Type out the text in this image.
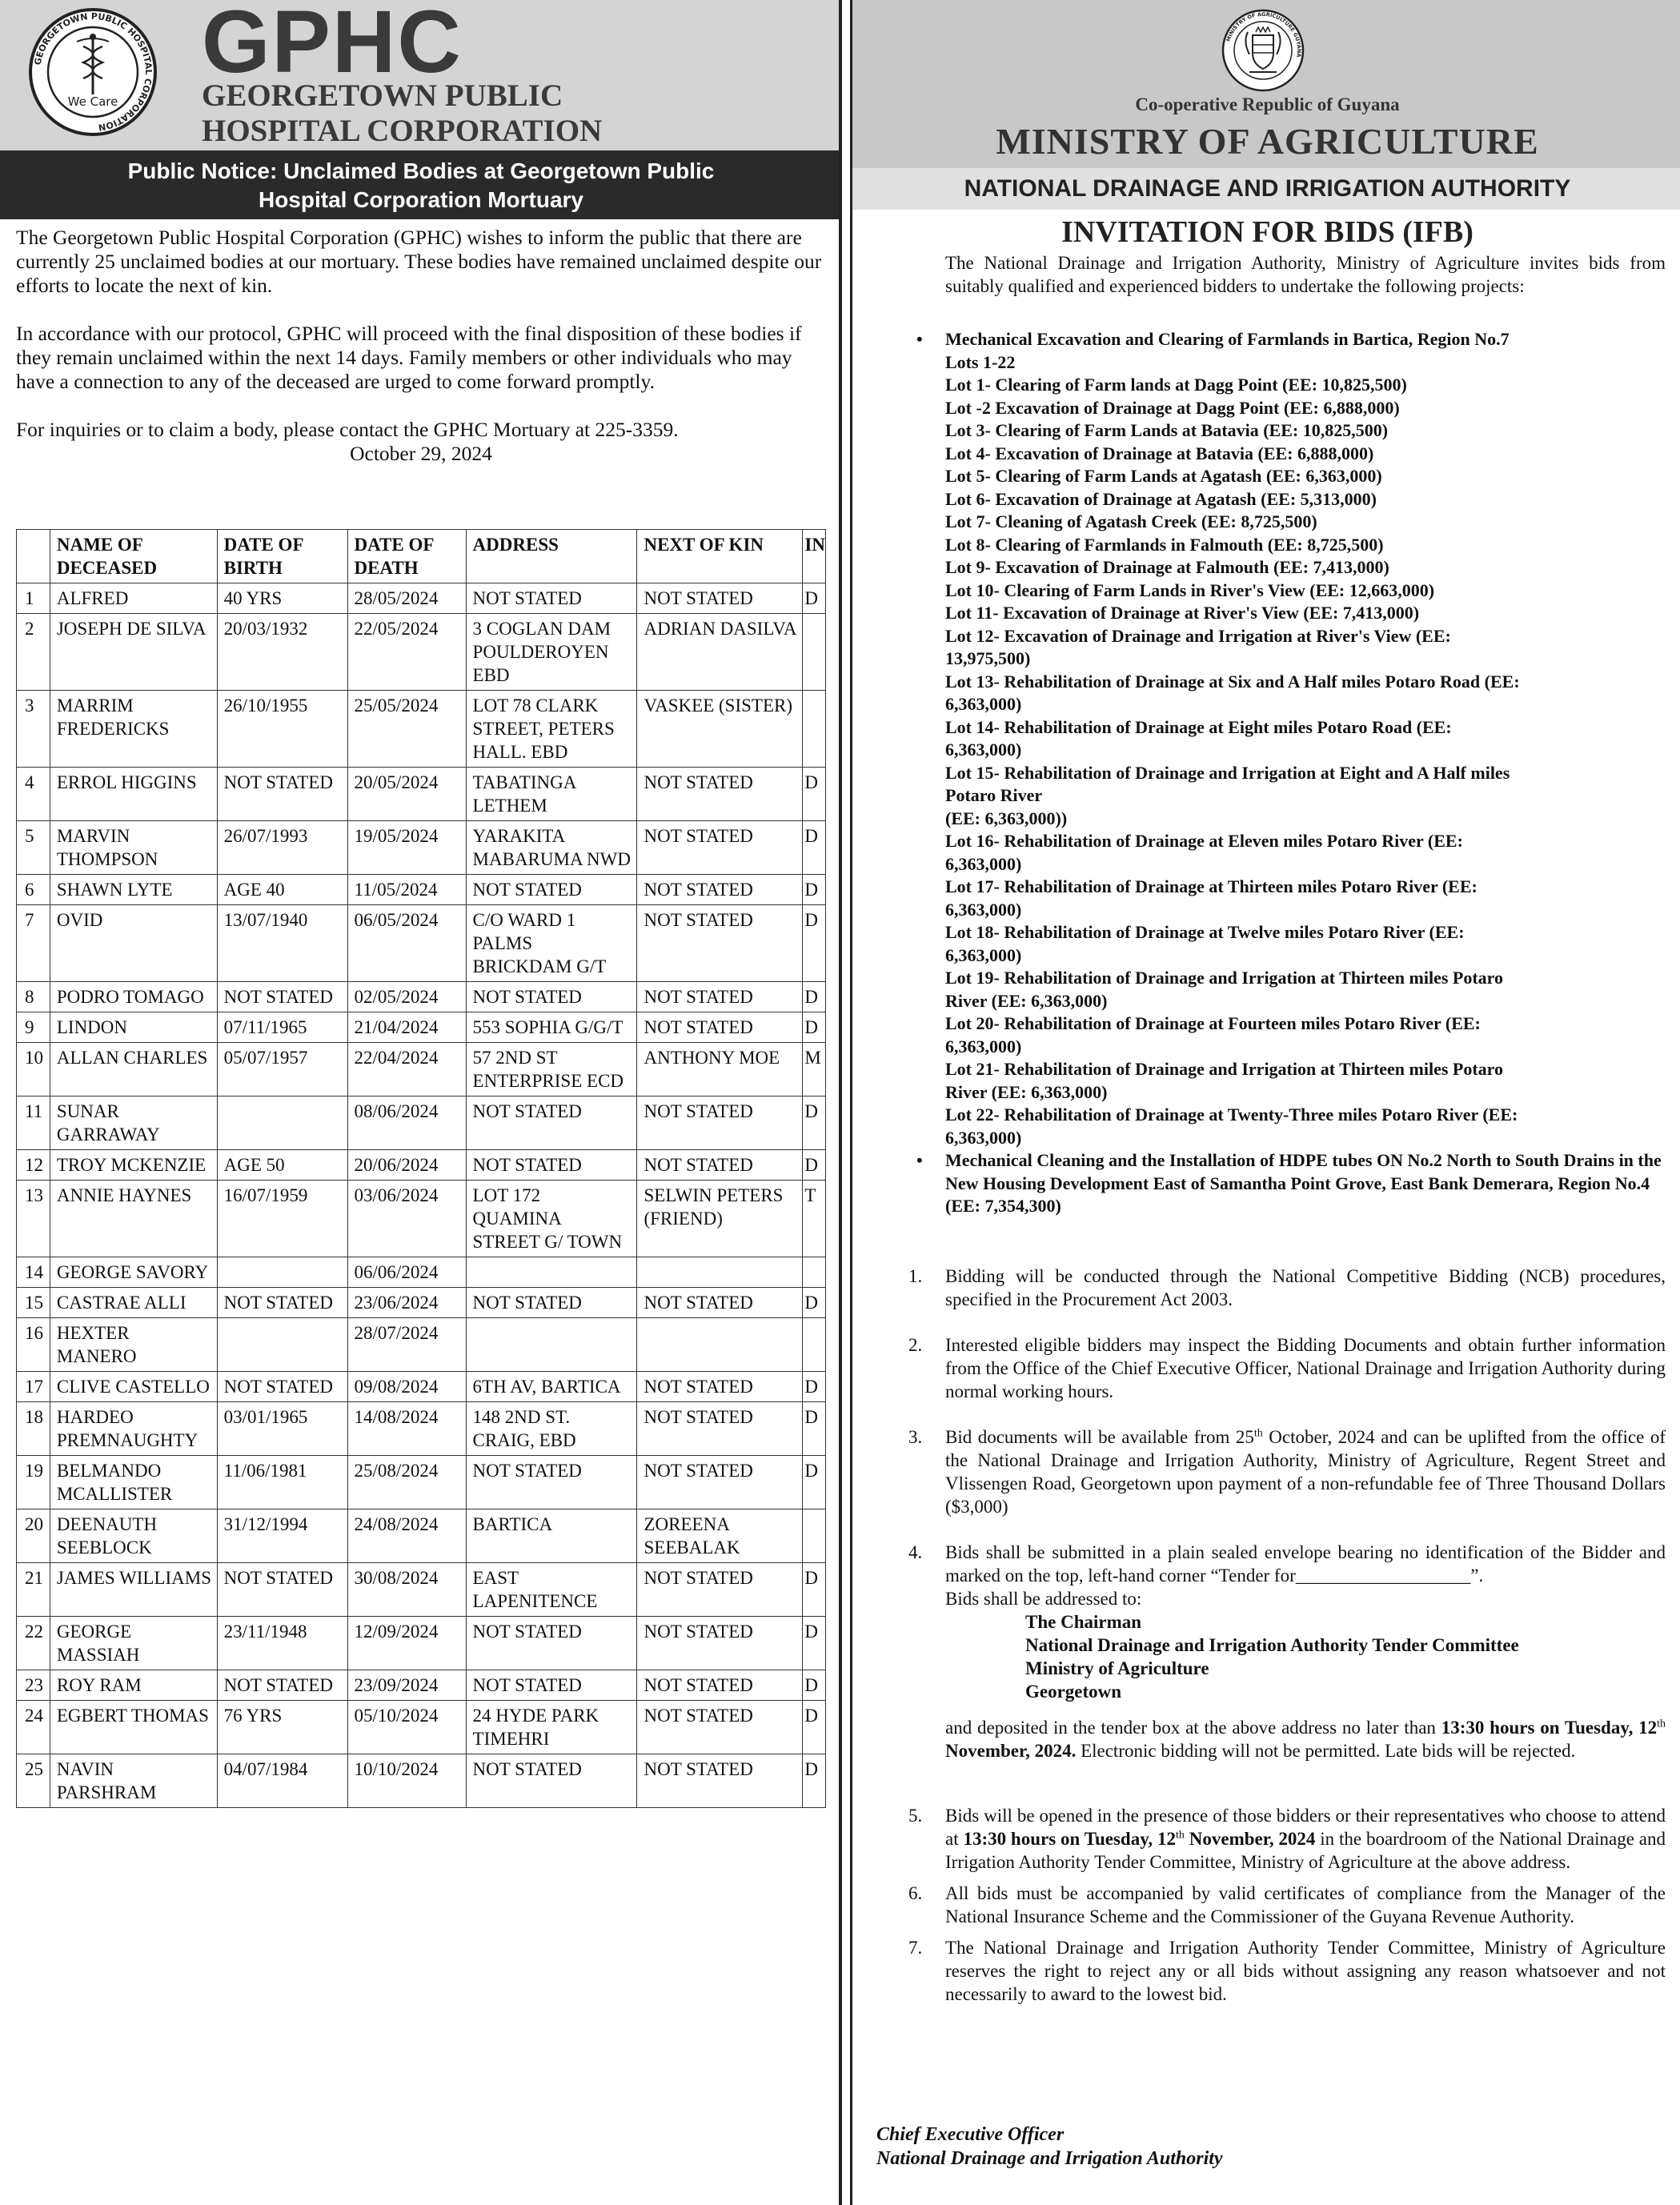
GEORGETOWN PUBLIC HOSPITAL CORPORATION
We Care
GPHC
GEORGETOWN PUBLIC
HOSPITAL CORPORATION
Public Notice: Unclaimed Bodies at Georgetown Public
Hospital Corporation Mortuary

The Georgetown Public Hospital Corporation (GPHC) wishes to inform the public that there are currently 25 unclaimed bodies at our mortuary. These bodies have remained unclaimed despite our efforts to locate the next of kin.

In accordance with our protocol, GPHC will proceed with the final disposition of these bodies if they remain unclaimed within the next 14 days. Family members or other individuals who may have a connection to any of the deceased are urged to come forward promptly.

For inquiries or to claim a body, please contact the GPHC Mortuary at 225-3359.

October 29, 2024
	NAME OF DECEASED	DATE OF BIRTH	DATE OF DEATH	ADDRESS	NEXT OF KIN	IN
1	ALFRED	40 YRS	28/05/2024	NOT STATED	NOT STATED	D
2	JOSEPH DE SILVA	20/03/1932	22/05/2024	3 COGLAN DAM POULDEROYEN EBD	ADRIAN DASILVA	
3	MARRIM FREDERICKS	26/10/1955	25/05/2024	LOT 78 CLARK STREET, PETERS HALL. EBD	VASKEE (SISTER)	
4	ERROL HIGGINS	NOT STATED	20/05/2024	TABATINGA LETHEM	NOT STATED	D
5	MARVIN THOMPSON	26/07/1993	19/05/2024	YARAKITA MABARUMA NWD	NOT STATED	D
6	SHAWN LYTE	AGE 40	11/05/2024	NOT STATED	NOT STATED	D
7	OVID	13/07/1940	06/05/2024	C/O WARD 1 PALMS BRICKDAM G/T	NOT STATED	D
8	PODRO TOMAGO	NOT STATED	02/05/2024	NOT STATED	NOT STATED	D
9	LINDON	07/11/1965	21/04/2024	553 SOPHIA G/G/T	NOT STATED	D
10	ALLAN CHARLES	05/07/1957	22/04/2024	57 2ND ST ENTERPRISE ECD	ANTHONY MOE	M
11	SUNAR GARRAWAY		08/06/2024	NOT STATED	NOT STATED	D
12	TROY MCKENZIE	AGE 50	20/06/2024	NOT STATED	NOT STATED	D
13	ANNIE HAYNES	16/07/1959	03/06/2024	LOT 172 QUAMINA STREET G/ TOWN	SELWIN PETERS (FRIEND)	T
14	GEORGE SAVORY		06/06/2024			
15	CASTRAE ALLI	NOT STATED	23/06/2024	NOT STATED	NOT STATED	D
16	HEXTER MANERO		28/07/2024			
17	CLIVE CASTELLO	NOT STATED	09/08/2024	6TH AV, BARTICA	NOT STATED	D
18	HARDEO PREMNAUGHTY	03/01/1965	14/08/2024	148 2ND ST. CRAIG, EBD	NOT STATED	D
19	BELMANDO MCALLISTER	11/06/1981	25/08/2024	NOT STATED	NOT STATED	D
20	DEENAUTH SEEBLOCK	31/12/1994	24/08/2024	BARTICA	ZOREENA SEEBALAK	
21	JAMES WILLIAMS	NOT STATED	30/08/2024	EAST LAPENITENCE	NOT STATED	D
22	GEORGE MASSIAH	23/11/1948	12/09/2024	NOT STATED	NOT STATED	D
23	ROY RAM	NOT STATED	23/09/2024	NOT STATED	NOT STATED	D
24	EGBERT THOMAS	76 YRS	05/10/2024	24 HYDE PARK TIMEHRI	NOT STATED	D
25	NAVIN PARSHRAM	04/07/1984	10/10/2024	NOT STATED	NOT STATED	D
MINISTRY OF AGRICULTURE GUYANA
Co-operative Republic of Guyana
MINISTRY OF AGRICULTURE
NATIONAL DRAINAGE AND IRRIGATION AUTHORITY
INVITATION FOR BIDS (IFB)
The National Drainage and Irrigation Authority, Ministry of Agriculture invites bids from suitably qualified and experienced bidders to undertake the following projects:
• Mechanical Excavation and Clearing of Farmlands in Bartica, Region No.7
Lots 1-22
Lot 1- Clearing of Farm lands at Dagg Point (EE: 10,825,500)
Lot -2 Excavation of Drainage at Dagg Point (EE: 6,888,000)
Lot 3- Clearing of Farm Lands at Batavia (EE: 10,825,500)
Lot 4- Excavation of Drainage at Batavia (EE: 6,888,000)
Lot 5- Clearing of Farm Lands at Agatash (EE: 6,363,000)
Lot 6- Excavation of Drainage at Agatash (EE: 5,313,000)
Lot 7- Cleaning of Agatash Creek (EE: 8,725,500)
Lot 8- Clearing of Farmlands in Falmouth (EE: 8,725,500)
Lot 9- Excavation of Drainage at Falmouth (EE: 7,413,000)
Lot 10- Clearing of Farm Lands in River's View (EE: 12,663,000)
Lot 11- Excavation of Drainage at River's View (EE: 7,413,000)
Lot 12- Excavation of Drainage and Irrigation at River's View (EE:
13,975,500)
Lot 13- Rehabilitation of Drainage at Six and A Half miles Potaro Road (EE:
6,363,000)
Lot 14- Rehabilitation of Drainage at Eight miles Potaro Road (EE:
6,363,000)
Lot 15- Rehabilitation of Drainage and Irrigation at Eight and A Half miles
Potaro River
(EE: 6,363,000))
Lot 16- Rehabilitation of Drainage at Eleven miles Potaro River (EE:
6,363,000)
Lot 17- Rehabilitation of Drainage at Thirteen miles Potaro River (EE:
6,363,000)
Lot 18- Rehabilitation of Drainage at Twelve miles Potaro River (EE:
6,363,000)
Lot 19- Rehabilitation of Drainage and Irrigation at Thirteen miles Potaro
River (EE: 6,363,000)
Lot 20- Rehabilitation of Drainage at Fourteen miles Potaro River (EE:
6,363,000)
Lot 21- Rehabilitation of Drainage and Irrigation at Thirteen miles Potaro
River (EE: 6,363,000)
Lot 22- Rehabilitation of Drainage at Twenty-Three miles Potaro River (EE:
6,363,000)
• Mechanical Cleaning and the Installation of HDPE tubes ON No.2 North to South Drains in the New Housing Development East of Samantha Point Grove, East Bank Demerara, Region No.4
(EE: 7,354,300)
1. Bidding will be conducted through the National Competitive Bidding (NCB) procedures, specified in the Procurement Act 2003.
2. Interested eligible bidders may inspect the Bidding Documents and obtain further information from the Office of the Chief Executive Officer, National Drainage and Irrigation Authority during normal working hours.
3. Bid documents will be available from 25th October, 2024 and can be uplifted from the office of the National Drainage and Irrigation Authority, Ministry of Agriculture, Regent Street and Vlissengen Road, Georgetown upon payment of a non-refundable fee of Three Thousand Dollars ($3,000)
4. Bids shall be submitted in a plain sealed envelope bearing no identification of the Bidder and marked on the top, left-hand corner “Tender for___________________”.
Bids shall be addressed to:
The Chairman
National Drainage and Irrigation Authority Tender Committee
Ministry of Agriculture
Georgetown
and deposited in the tender box at the above address no later than 13:30 hours on Tuesday, 12th November, 2024. Electronic bidding will not be permitted. Late bids will be rejected.
5. Bids will be opened in the presence of those bidders or their representatives who choose to attend at 13:30 hours on Tuesday, 12th November, 2024 in the boardroom of the National Drainage and Irrigation Authority Tender Committee, Ministry of Agriculture at the above address.
6. All bids must be accompanied by valid certificates of compliance from the Manager of the National Insurance Scheme and the Commissioner of the Guyana Revenue Authority.
7. The National Drainage and Irrigation Authority Tender Committee, Ministry of Agriculture reserves the right to reject any or all bids without assigning any reason whatsoever and not necessarily to award to the lowest bid.
Chief Executive Officer
National Drainage and Irrigation Authority
